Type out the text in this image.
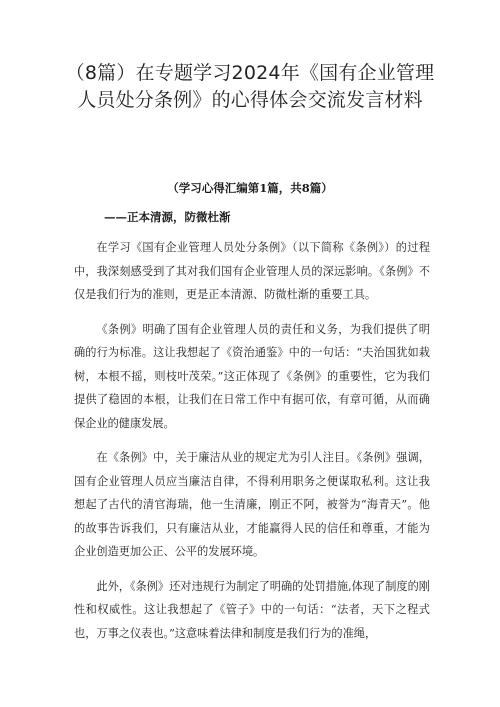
（8篇）在专题学习2024年《国有企业管理人员处分条例》的心得体会交流发言材料
（学习心得汇编第1篇，共8篇）
——正本清源，防微杜渐

在学习《国有企业管理人员处分条例》（以下简称《条例》）的过程中，我深刻感受到了其对我们国有企业管理人员的深远影响。《条例》不仅是我们行为的准则，更是正本清源、防微杜渐的重要工具。

《条例》明确了国有企业管理人员的责任和义务，为我们提供了明确的行为标准。这让我想起了《资治通鉴》中的一句话：“夫治国犹如栽树，本根不摇，则枝叶茂荣。”这正体现了《条例》的重要性，它为我们提供了稳固的本根，让我们在日常工作中有据可依，有章可循，从而确保企业的健康发展。

在《条例》中，关于廉洁从业的规定尤为引人注目。《条例》强调，国有企业管理人员应当廉洁自律，不得利用职务之便谋取私利。这让我想起了古代的清官海瑞，他一生清廉，刚正不阿，被誉为“海青天”。他的故事告诉我们，只有廉洁从业，才能赢得人民的信任和尊重，才能为企业创造更加公正、公平的发展环境。

此外，《条例》还对违规行为制定了明确的处罚措施,体现了制度的刚性和权威性。这让我想起了《管子》中的一句话：“法者，天下之程式也，万事之仪表也。”这意味着法律和制度是我们行为的准绳，
